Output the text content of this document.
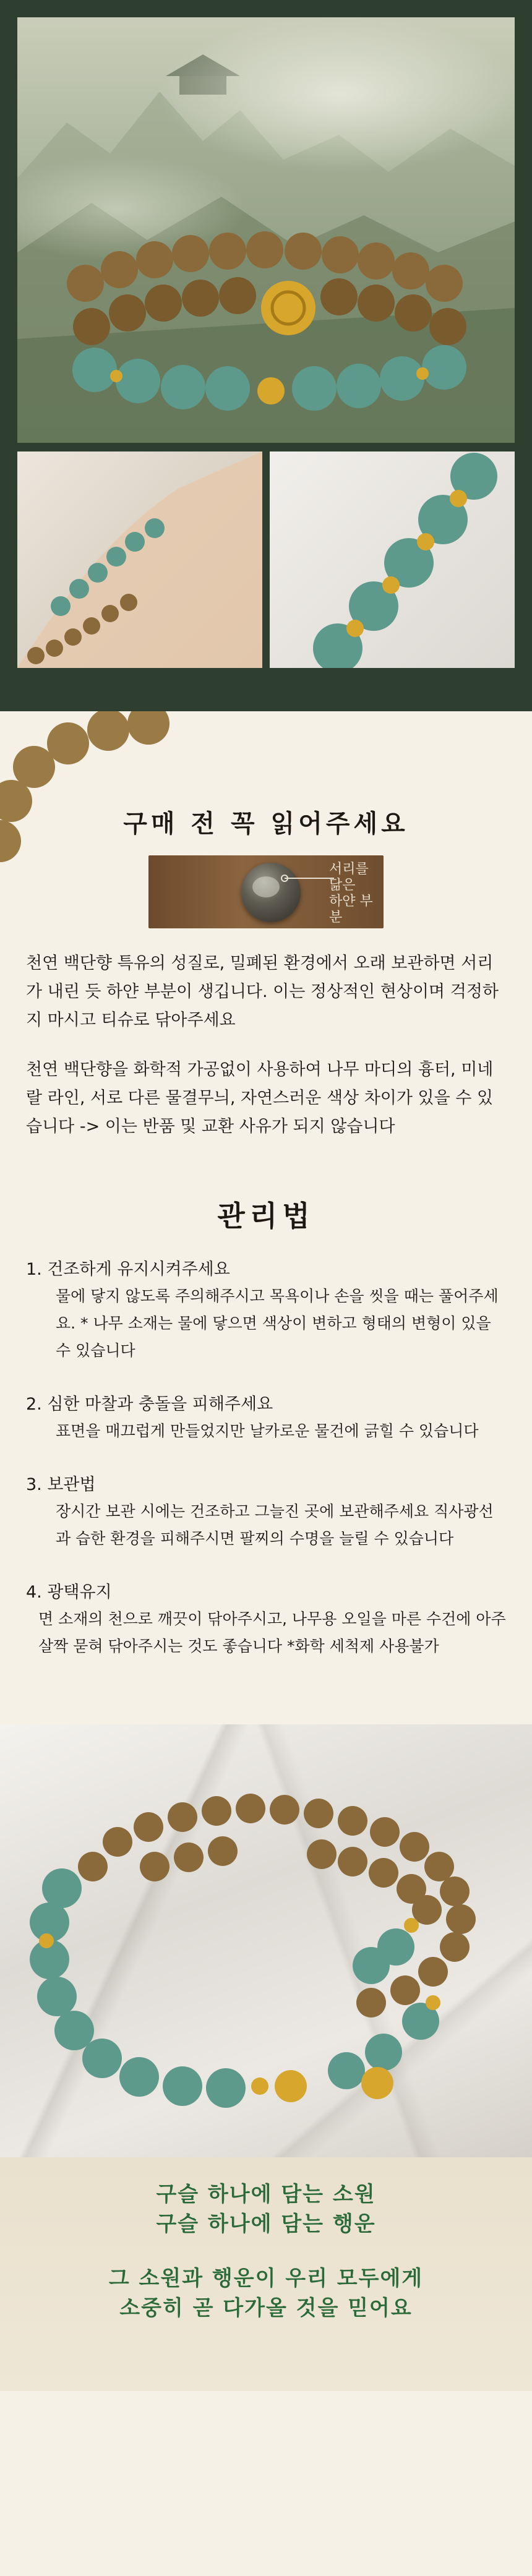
구매 전 꼭 읽어주세요
서리를 닮은
하얀 부분

천연 백단향 특유의 성질로, 밀폐된 환경에서 오래 보관하면 서리가 내린 듯 하얀 부분이 생깁니다. 이는 정상적인 현상이며 걱정하지 마시고 티슈로 닦아주세요

천연 백단향을 화학적 가공없이 사용하여 나무 마디의 흉터, 미네랄 라인, 서로 다른 물결무늬, 자연스러운 색상 차이가 있을 수 있습니다 -> 이는 반품 및 교환 사유가 되지 않습니다

관리법
1. 건조하게 유지시켜주세요
물에 닿지 않도록 주의해주시고 목욕이나 손을 씻을 때는 풀어주세요. * 나무 소재는 물에 닿으면 색상이 변하고 형태의 변형이 있을 수 있습니다
2. 심한 마찰과 충돌을 피해주세요
표면을 매끄럽게 만들었지만 날카로운 물건에 긁힐 수 있습니다
3. 보관법
장시간 보관 시에는 건조하고 그늘진 곳에 보관해주세요 직사광선과 습한 환경을 피해주시면 팔찌의 수명을 늘릴 수 있습니다
4. 광택유지
면 소재의 천으로 깨끗이 닦아주시고, 나무용 오일을 마른 수건에 아주 살짝 묻혀 닦아주시는 것도 좋습니다 *화학 세척제 사용불가
구슬 하나에 담는 소원
구슬 하나에 담는 행운
그 소원과 행운이 우리 모두에게
소중히 곧 다가올 것을 믿어요
